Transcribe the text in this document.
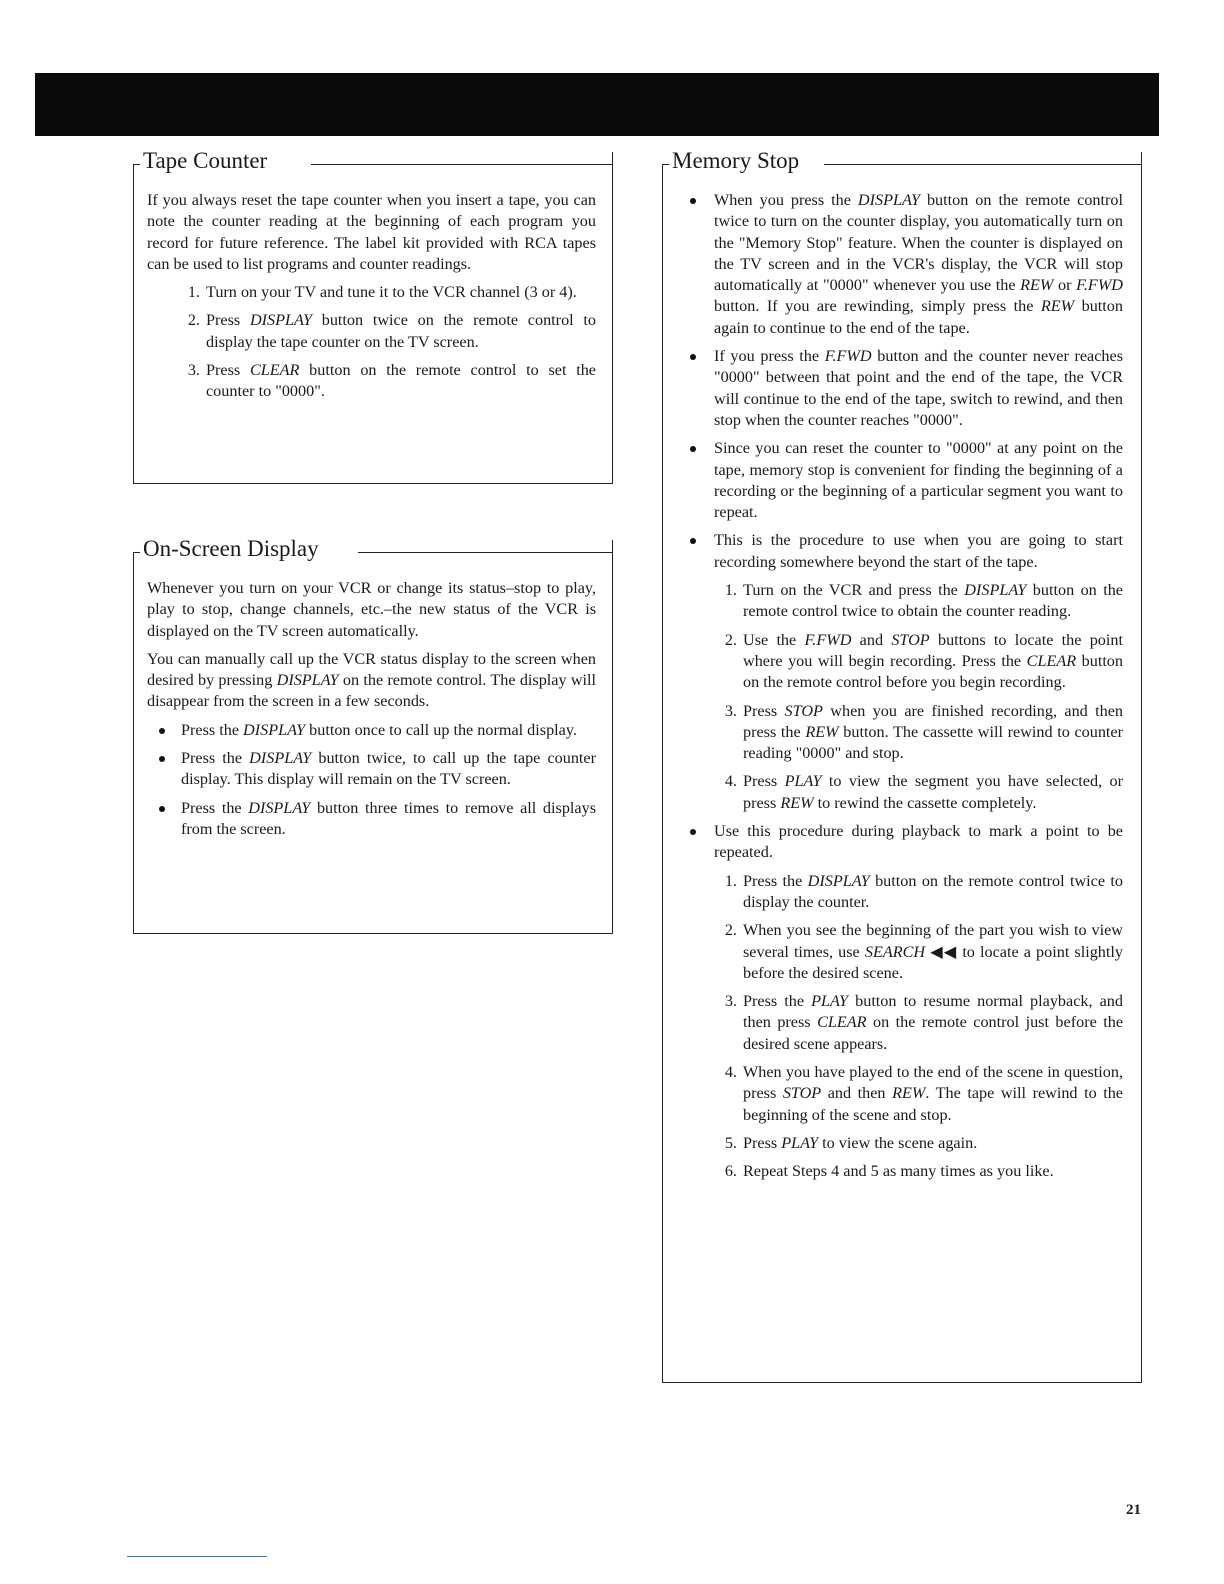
Tape Counter

If you always reset the tape counter when you insert a tape, you can note the counter reading at the beginning of each program you record for future reference. The label kit provided with RCA tapes can be used to list programs and counter readings.

1. Turn on your TV and tune it to the VCR channel (3 or 4).
2. Press DISPLAY button twice on the remote control to display the tape counter on the TV screen.
3. Press CLEAR button on the remote control to set the counter to "0000".
On-Screen Display

Whenever you turn on your VCR or change its status–stop to play, play to stop, change channels, etc.–the new status of the VCR is displayed on the TV screen automatically.

You can manually call up the VCR status display to the screen when desired by pressing DISPLAY on the remote control. The display will disappear from the screen in a few seconds.

Press the DISPLAY button once to call up the normal display.
Press the DISPLAY button twice, to call up the tape counter display. This display will remain on the TV screen.
Press the DISPLAY button three times to remove all displays from the screen.
Memory Stop
When you press the DISPLAY button on the remote control twice to turn on the counter display, you automatically turn on the "Memory Stop" feature. When the counter is displayed on the TV screen and in the VCR's display, the VCR will stop automatically at "0000" whenever you use the REW or F.FWD button. If you are rewinding, simply press the REW button again to continue to the end of the tape.
If you press the F.FWD button and the counter never reaches "0000" between that point and the end of the tape, the VCR will continue to the end of the tape, switch to rewind, and then stop when the counter reaches "0000".
Since you can reset the counter to "0000" at any point on the tape, memory stop is convenient for finding the beginning of a recording or the beginning of a particular segment you want to repeat.
This is the procedure to use when you are going to start recording somewhere beyond the start of the tape.
1. Turn on the VCR and press the DISPLAY button on the remote control twice to obtain the counter reading.
2. Use the F.FWD and STOP buttons to locate the point where you will begin recording. Press the CLEAR button on the remote control before you begin recording.
3. Press STOP when you are finished recording, and then press the REW button. The cassette will rewind to counter reading "0000" and stop.
4. Press PLAY to view the segment you have selected, or press REW to rewind the cassette completely.
Use this procedure during playback to mark a point to be repeated.
1. Press the DISPLAY button on the remote control twice to display the counter.
2. When you see the beginning of the part you wish to view several times, use SEARCH ◀◀ to locate a point slightly before the desired scene.
3. Press the PLAY button to resume normal playback, and then press CLEAR on the remote control just before the desired scene appears.
4. When you have played to the end of the scene in question, press STOP and then REW. The tape will rewind to the beginning of the scene and stop.
5. Press PLAY to view the scene again.
6. Repeat Steps 4 and 5 as many times as you like.
21
